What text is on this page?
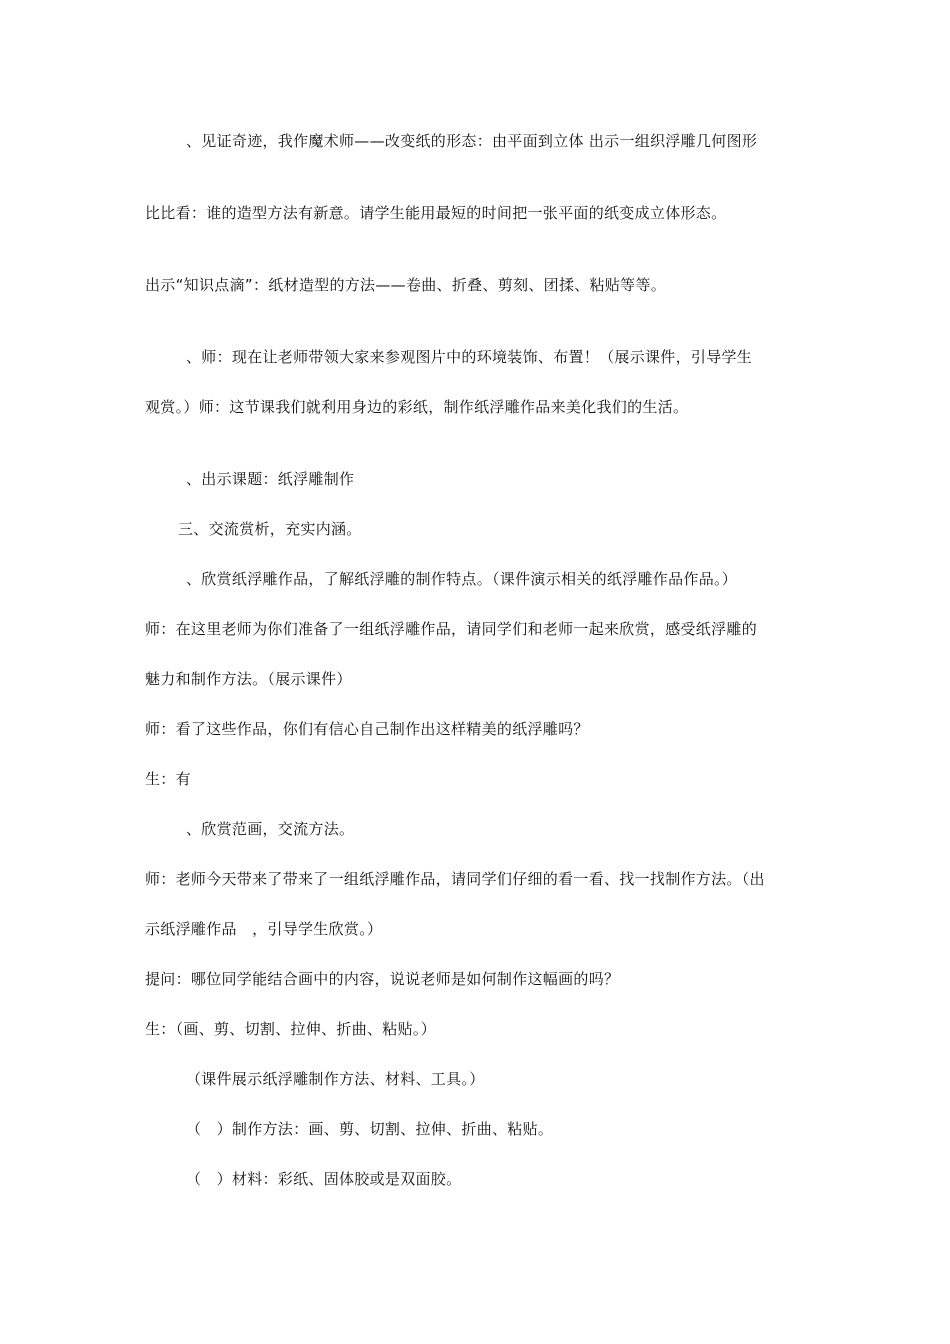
、见证奇迹，我作魔术师——改变纸的形态：由平面到立体 出示一组织浮雕几何图形
比比看：谁的造型方法有新意。请学生能用最短的时间把一张平面的纸变成立体形态。
出示“知识点滴”：纸材造型的方法——卷曲、折叠、剪刻、团揉、粘贴等等。
、师：现在让老师带领大家来参观图片中的环境装饰、布置！（展示课件，引导学生
观赏。）师：这节课我们就利用身边的彩纸，制作纸浮雕作品来美化我们的生活。
、出示课题：纸浮雕制作
三、交流赏析，充实内涵。
、欣赏纸浮雕作品，了解纸浮雕的制作特点。（课件演示相关的纸浮雕作品作品。）
师：在这里老师为你们准备了一组纸浮雕作品，请同学们和老师一起来欣赏，感受纸浮雕的
魅力和制作方法。（展示课件）
师：看了这些作品，你们有信心自己制作出这样精美的纸浮雕吗？
生：有
、欣赏范画，交流方法。
师：老师今天带来了带来了一组纸浮雕作品，请同学们仔细的看一看、找一找制作方法。（出
示纸浮雕作品　，引导学生欣赏。）
提问：哪位同学能结合画中的内容，说说老师是如何制作这幅画的吗？
生：（画、剪、切割、拉伸、折曲、粘贴。）
（课件展示纸浮雕制作方法、材料、工具。）
（　）制作方法：画、剪、切割、拉伸、折曲、粘贴。
（　）材料：彩纸、固体胶或是双面胶。
